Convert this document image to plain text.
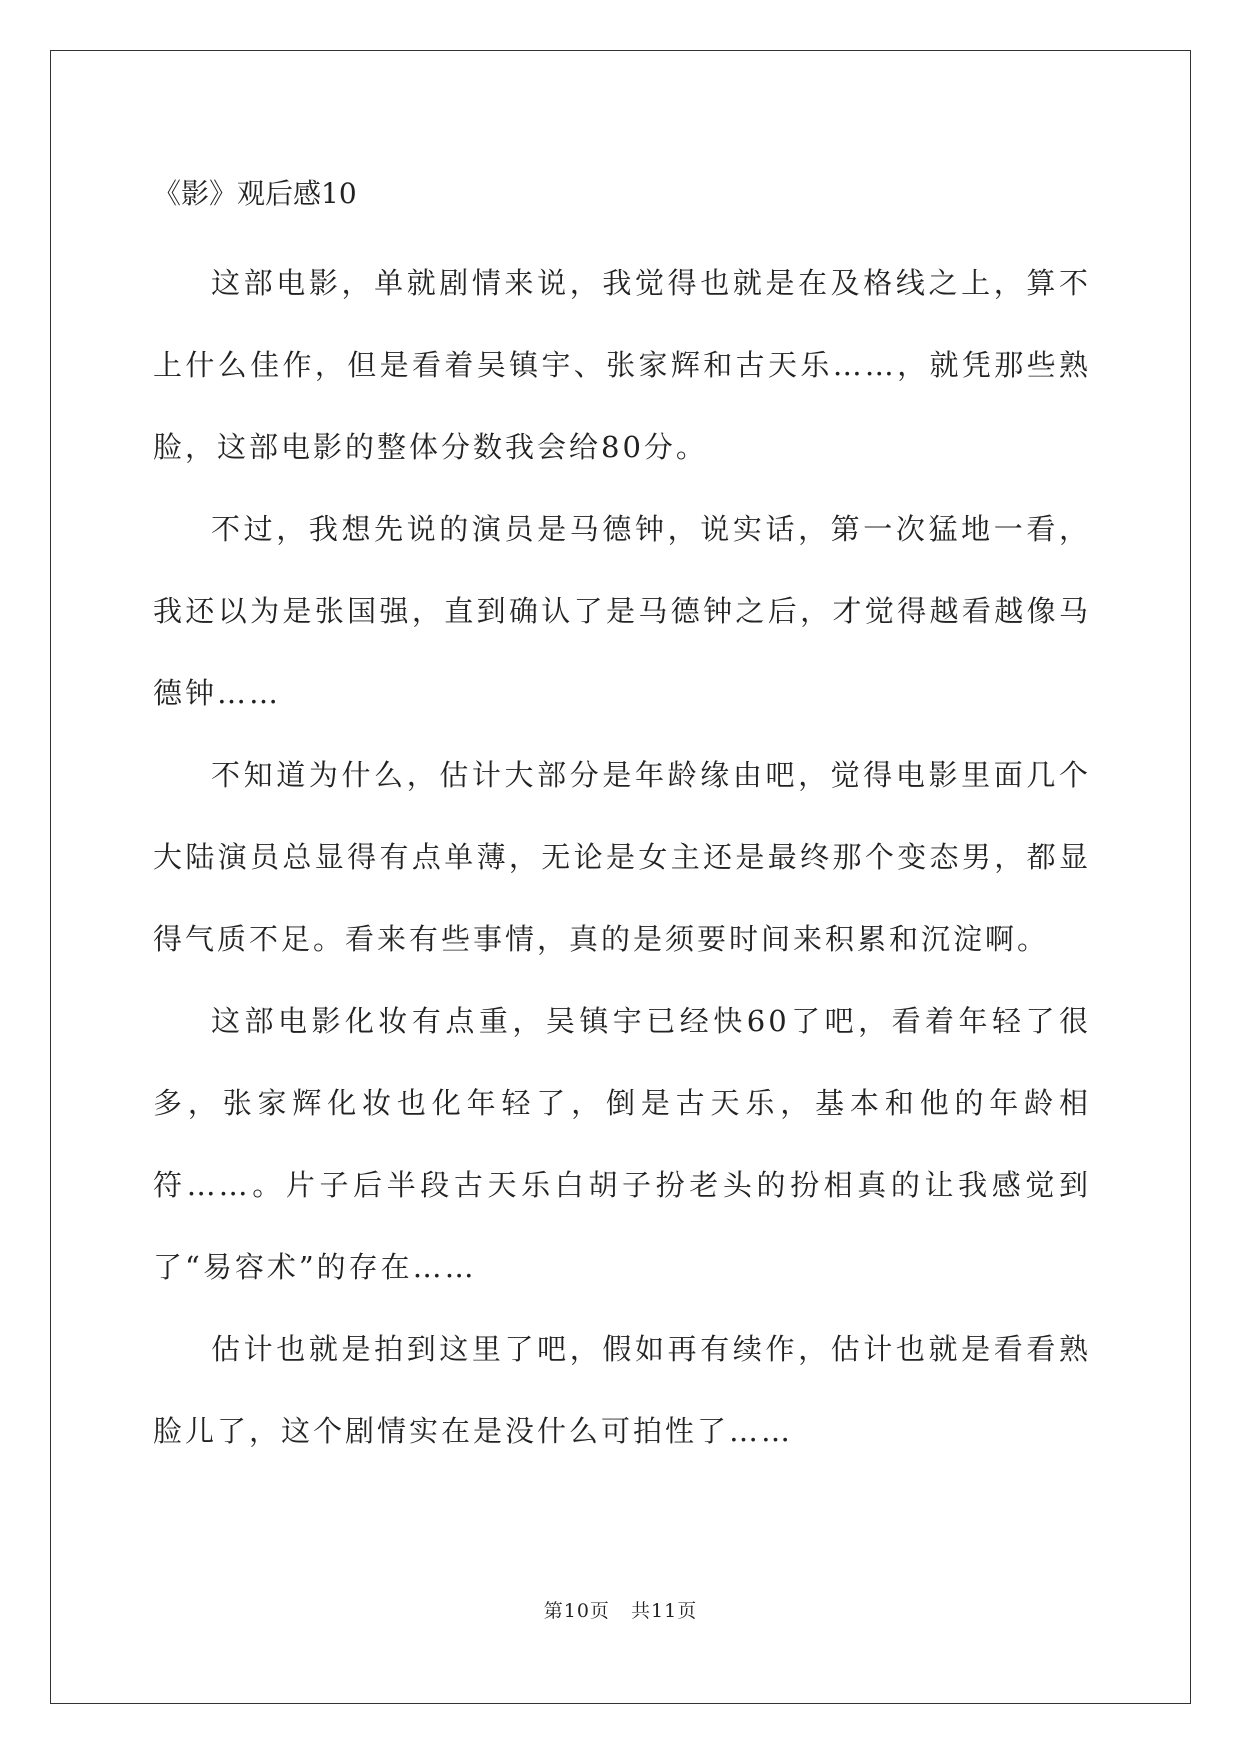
《影》观后感10

这部电影，单就剧情来说，我觉得也就是在及格线之上，算不上什么佳作，但是看着吴镇宇、张家辉和古天乐……，就凭那些熟脸，这部电影的整体分数我会给80分。

不过，我想先说的演员是马德钟，说实话，第一次猛地一看，我还以为是张国强，直到确认了是马德钟之后，才觉得越看越像马德钟……

不知道为什么，估计大部分是年龄缘由吧，觉得电影里面几个大陆演员总显得有点单薄，无论是女主还是最终那个变态男，都显得气质不足。看来有些事情，真的是须要时间来积累和沉淀啊。

这部电影化妆有点重，吴镇宇已经快60了吧，看着年轻了很多，张家辉化妆也化年轻了，倒是古天乐，基本和他的年龄相符……。片子后半段古天乐白胡子扮老头的扮相真的让我感觉到了“易容术”的存在……

估计也就是拍到这里了吧，假如再有续作，估计也就是看看熟脸儿了，这个剧情实在是没什么可拍性了……

第10页   共11页
